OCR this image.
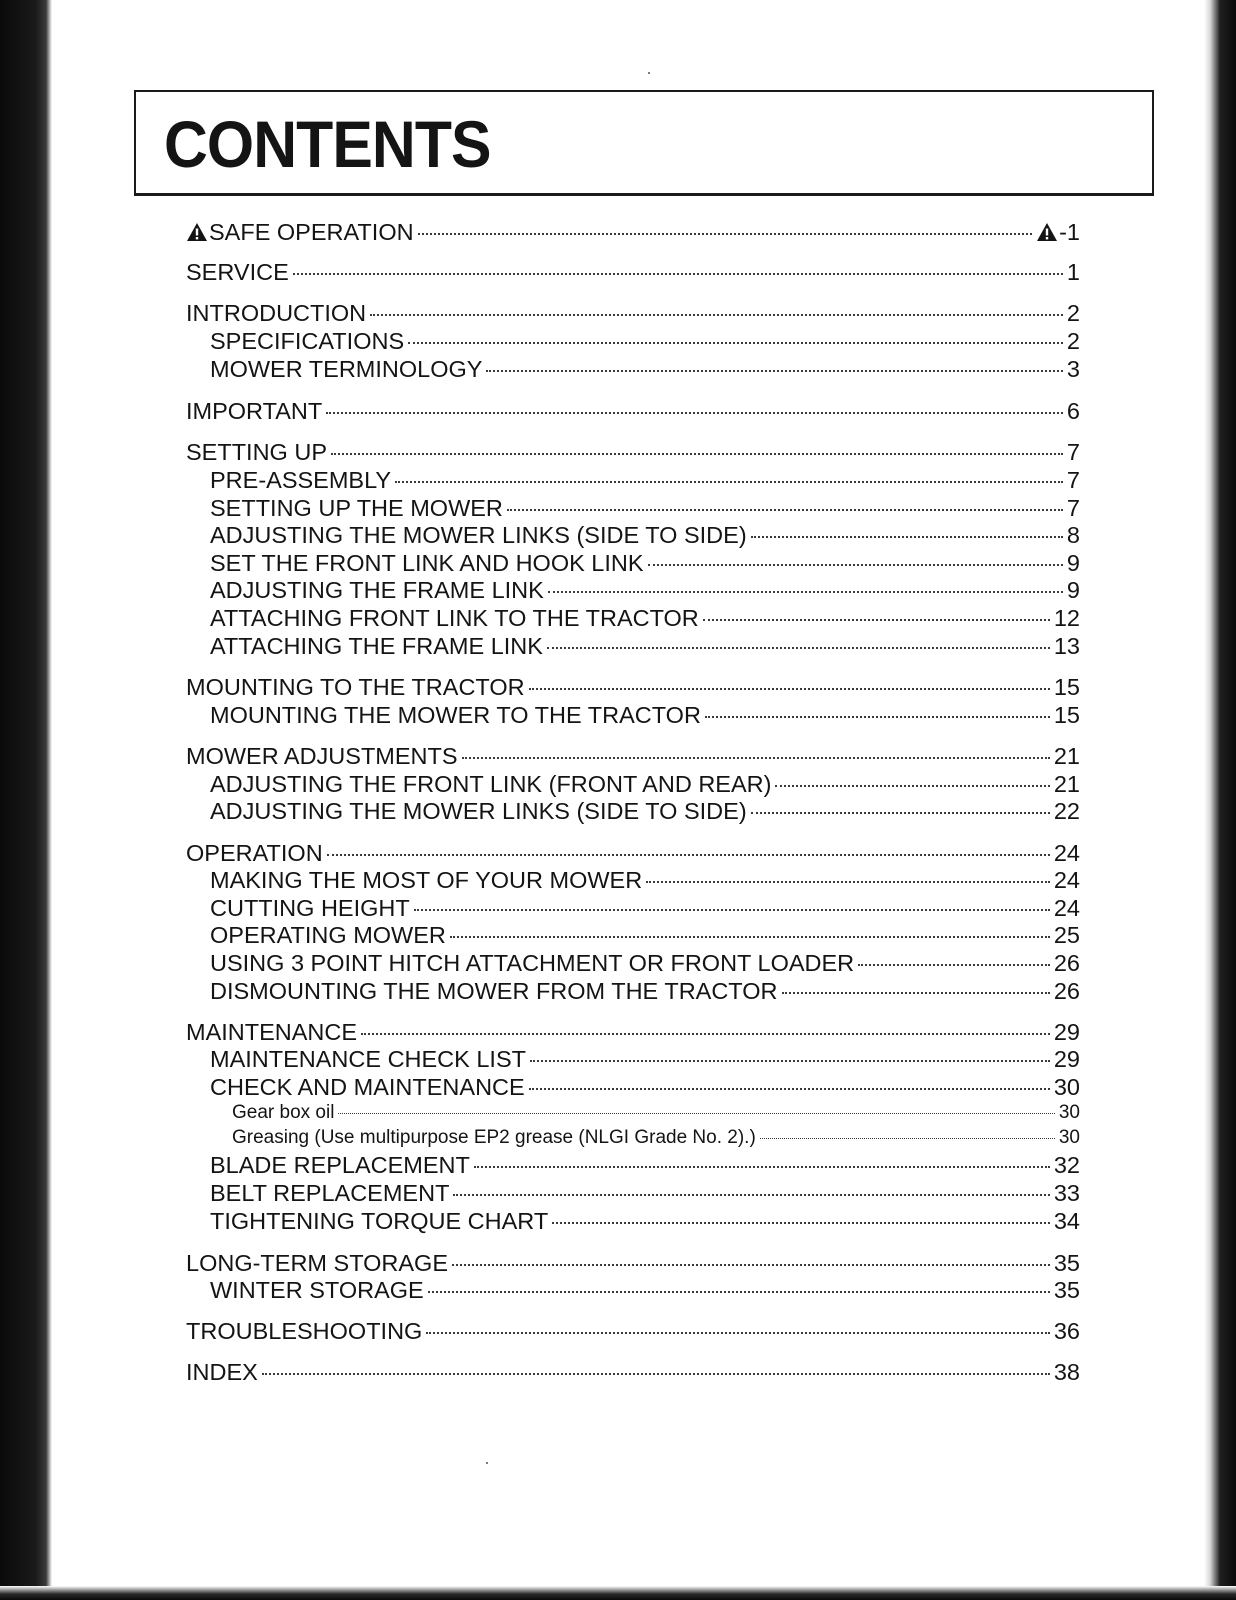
CONTENTS
SAFE OPERATION	-1
SERVICE	1
INTRODUCTION	2
SPECIFICATIONS	2
MOWER TERMINOLOGY	3
IMPORTANT	6
SETTING UP	7
PRE-ASSEMBLY	7
SETTING UP THE MOWER	7
ADJUSTING THE MOWER LINKS (SIDE TO SIDE)	8
SET THE FRONT LINK AND HOOK LINK	9
ADJUSTING THE FRAME LINK	9
ATTACHING FRONT LINK TO THE TRACTOR	12
ATTACHING THE FRAME LINK	13
MOUNTING TO THE TRACTOR	15
MOUNTING THE MOWER TO THE TRACTOR	15
MOWER ADJUSTMENTS	21
ADJUSTING THE FRONT LINK (FRONT AND REAR)	21
ADJUSTING THE MOWER LINKS (SIDE TO SIDE)	22
OPERATION	24
MAKING THE MOST OF YOUR MOWER	24
CUTTING HEIGHT	24
OPERATING MOWER	25
USING 3 POINT HITCH ATTACHMENT OR FRONT LOADER	26
DISMOUNTING THE MOWER FROM THE TRACTOR	26
MAINTENANCE	29
MAINTENANCE CHECK LIST	29
CHECK AND MAINTENANCE	30
Gear box oil	30
Greasing (Use multipurpose EP2 grease (NLGI Grade No. 2).)	30
BLADE REPLACEMENT	32
BELT REPLACEMENT	33
TIGHTENING TORQUE CHART	34
LONG-TERM STORAGE	35
WINTER STORAGE	35
TROUBLESHOOTING	36
INDEX	38
